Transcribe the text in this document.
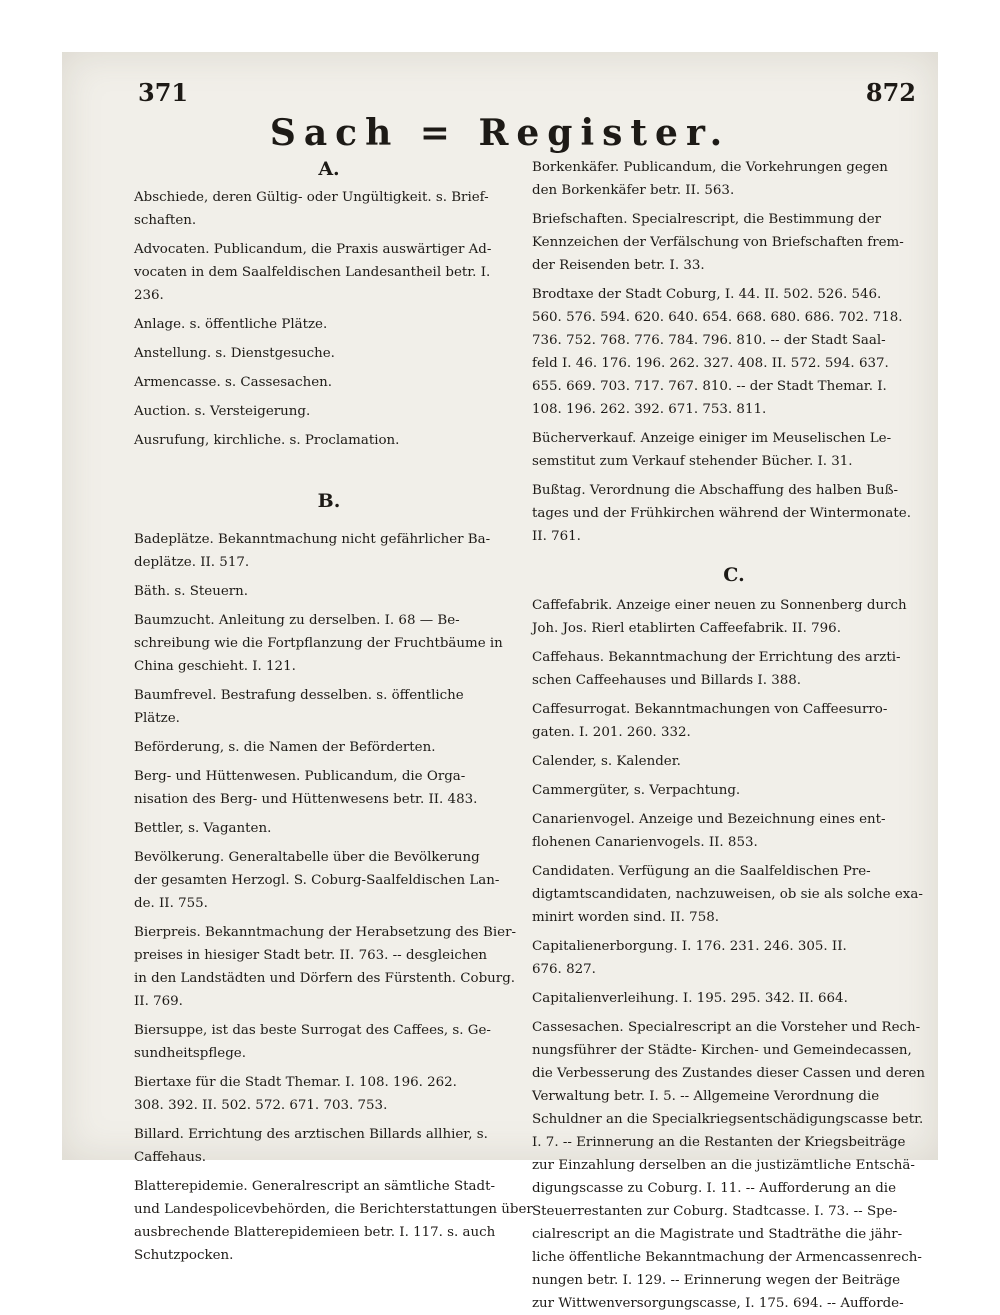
371	872
Sach = Register.
A.
Abschiede, deren Gültig- oder Ungültigkeit. s. Brief-
schaften.
Advocaten. Publicandum, die Praxis auswärtiger Ad-
vocaten in dem Saalfeldischen Landesantheil betr. I.
236.
Anlage. s. öffentliche Plätze.
Anstellung. s. Dienstgesuche.
Armencasse. s. Cassesachen.
Auction. s. Versteigerung.
Ausrufung, kirchliche. s. Proclamation.
B.
Badeplätze. Bekanntmachung nicht gefährlicher Ba-
deplätze. II. 517.
Bäth. s. Steuern.
Baumzucht. Anleitung zu derselben. I. 68 — Be-
schreibung wie die Fortpflanzung der Fruchtbäume in
China geschieht. I. 121.
Baumfrevel. Bestrafung desselben. s. öffentliche
Plätze.
Beförderung, s. die Namen der Beförderten.
Berg- und Hüttenwesen. Publicandum, die Orga-
nisation des Berg- und Hüttenwesens betr. II. 483.
Bettler, s. Vaganten.
Bevölkerung. Generaltabelle über die Bevölkerung
der gesamten Herzogl. S. Coburg-Saalfeldischen Lan-
de. II. 755.
Bierpreis. Bekanntmachung der Herabsetzung des Bier-
preises in hiesiger Stadt betr. II. 763. -- desgleichen
in den Landstädten und Dörfern des Fürstenth. Coburg.
II. 769.
Biersuppe, ist das beste Surrogat des Caffees, s. Ge-
sundheitspflege.
Biertaxe für die Stadt Themar. I. 108. 196. 262.
308. 392. II. 502. 572. 671. 703. 753.
Billard. Errichtung des arztischen Billards allhier, s.
Caffehaus.
Blatterepidemie. Generalrescript an sämtliche Stadt-
und Landespolicevbehörden, die Berichterstattungen über
ausbrechende Blatterepidemieen betr. I. 117. s. auch
Schutzpocken.
Borkenkäfer. Publicandum, die Vorkehrungen gegen
den Borkenkäfer betr. II. 563.
Briefschaften. Specialrescript, die Bestimmung der
Kennzeichen der Verfälschung von Briefschaften frem-
der Reisenden betr. I. 33.
Brodtaxe der Stadt Coburg, I. 44. II. 502. 526. 546.
560. 576. 594. 620. 640. 654. 668. 680. 686. 702. 718.
736. 752. 768. 776. 784. 796. 810. -- der Stadt Saal-
feld I. 46. 176. 196. 262. 327. 408. II. 572. 594. 637.
655. 669. 703. 717. 767. 810. -- der Stadt Themar. I.
108. 196. 262. 392. 671. 753. 811.
Bücherverkauf. Anzeige einiger im Meuselischen Le-
semstitut zum Verkauf stehender Bücher. I. 31.
Bußtag. Verordnung die Abschaffung des halben Buß-
tages und der Frühkirchen während der Wintermonate.
II. 761.
C.
Caffefabrik. Anzeige einer neuen zu Sonnenberg durch
Joh. Jos. Rierl etablirten Caffeefabrik. II. 796.
Caffehaus. Bekanntmachung der Errichtung des arzti-
schen Caffeehauses und Billards I. 388.
Caffesurrogat. Bekanntmachungen von Caffeesurro-
gaten. I. 201. 260. 332.
Calender, s. Kalender.
Cammergüter, s. Verpachtung.
Canarienvogel. Anzeige und Bezeichnung eines ent-
flohenen Canarienvogels. II. 853.
Candidaten. Verfügung an die Saalfeldischen Pre-
digtamtscandidaten, nachzuweisen, ob sie als solche exa-
minirt worden sind. II. 758.
Capitalienerborgung. I. 176. 231. 246. 305. II.
676. 827.
Capitalienverleihung. I. 195. 295. 342. II. 664.
Cassesachen. Specialrescript an die Vorsteher und Rech-
nungsführer der Städte- Kirchen- und Gemeindecassen,
die Verbesserung des Zustandes dieser Cassen und deren
Verwaltung betr. I. 5. -- Allgemeine Verordnung die
Schuldner an die Specialkriegsentschädigungscasse betr.
I. 7. -- Erinnerung an die Restanten der Kriegsbeiträge
zur Einzahlung derselben an die justizämtliche Entschä-
digungscasse zu Coburg. I. 11. -- Aufforderung an die
Steuerrestanten zur Coburg. Stadtcasse. I. 73. -- Spe-
cialrescript an die Magistrate und Stadträthe die jähr-
liche öffentliche Bekanntmachung der Armencassenrech-
nungen betr. I. 129. -- Erinnerung wegen der Beiträge
zur Wittwenversorgungscasse, I. 175. 694. -- Aufforde-
